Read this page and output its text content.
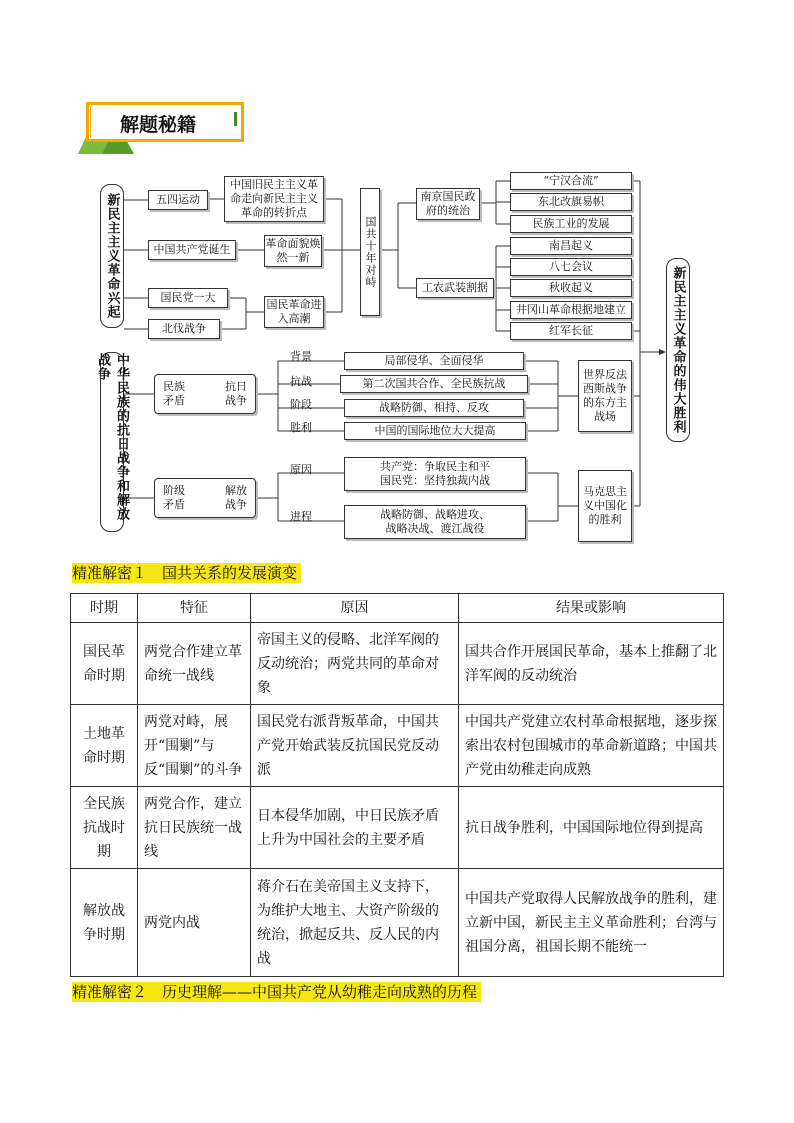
解题秘籍
新民主主义革命兴起
中华民族的抗日战争和解放战争
五四运动
中国旧民主主义革命走向新民主主义革命的转折点
中国共产党诞生	革命面貌焕然一新
国民党一大
北伐战争
国民革命进入高潮
国共十年对峙
南京国民政府的统治
工农武装割据
“宁汉合流”
东北改旗易帜
民族工业的发展
南昌起义
八七会议
秋收起义
井冈山革命根据地建立
红军长征	新民主主义革命的伟大胜利
民族矛盾
抗日战争
背景
抗战
阶段
胜利
局部侵华、全面侵华
第二次国共合作、全民族抗战
战略防御、相持、反攻
中国的国际地位大大提高
世界反法西斯战争的东方主战场
阶级矛盾
解放战争
原因
进程
共产党：争取民主和平
国民党：坚持独裁内战
战略防御、战略进攻、
战略决战、渡江战役
马克思主义中国化的胜利
精准解密１　国共关系的发展演变
时期	特征	原因	结果或影响
国民革命时期	两党合作建立革命统一战线	帝国主义的侵略、北洋军阀的反动统治；两党共同的革命对象	国共合作开展国民革命，基本上推翻了北洋军阀的反动统治
土地革命时期	两党对峙，展开“围剿”与反“围剿”的斗争	国民党右派背叛革命，中国共产党开始武装反抗国民党反动派	中国共产党建立农村革命根据地，逐步探索出农村包围城市的革命新道路；中国共产党由幼稚走向成熟
全民族抗战时期	两党合作，建立抗日民族统一战线	日本侵华加剧，中日民族矛盾上升为中国社会的主要矛盾	抗日战争胜利，中国国际地位得到提高
解放战争时期	两党内战	蒋介石在美帝国主义支持下，为维护大地主、大资产阶级的统治，掀起反共、反人民的内战	中国共产党取得人民解放战争的胜利，建立新中国，新民主主义革命胜利；台湾与祖国分离，祖国长期不能统一
精准解密２　历史理解——中国共产党从幼稚走向成熟的历程
